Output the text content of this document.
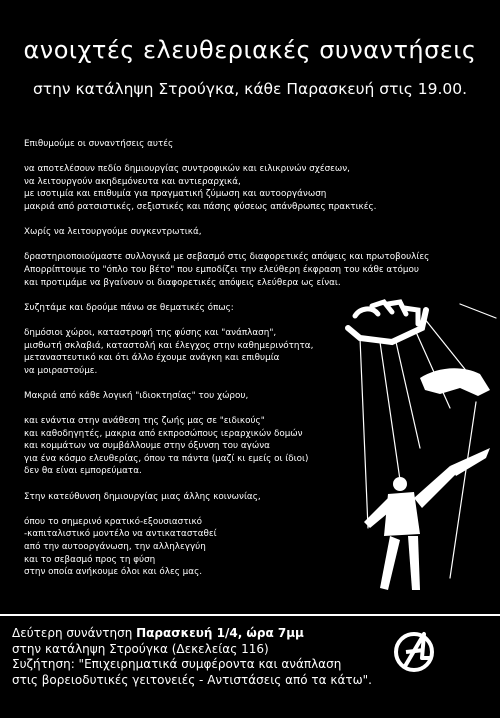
ανοιχτές ελευθεριακές συναντήσεις
στην κατάληψη Στρούγκα, κάθε Παρασκευή στις 19.00.

Επιθυμούμε οι συναντήσεις αυτές

να αποτελέσουν πεδίο δημιουργίας συντροφικών και ειλικρινών σχέσεων,
να λειτουργούν ακηδεμόνευτα και αντιεραρχικά,
με ισοτιμία και επιθυμία για πραγματική ζύμωση και αυτοοργάνωση
μακριά από ρατσιστικές, σεξιστικές και πάσης φύσεως απάνθρωπες πρακτικές.

Χωρίς να λειτουργούμε συγκεντρωτικά,

δραστηριοποιούμαστε συλλογικά με σεβασμό στις διαφορετικές απόψεις και πρωτοβουλίες
Απορρίπτουμε το "όπλο του βέτο" που εμποδίζει την ελεύθερη έκφραση του κάθε ατόμου
και προτιμάμε να βγαίνουν οι διαφορετικές απόψεις ελεύθερα ως είναι.

Συζητάμε και δρούμε πάνω σε θεματικές όπως:

δημόσιοι χώροι, καταστροφή της φύσης και "ανάπλαση",
μισθωτή σκλαβιά, καταστολή και έλεγχος στην καθημερινότητα,
μεταναστευτικό και ότι άλλο έχουμε ανάγκη και επιθυμία
να μοιραστούμε.

Μακριά από κάθε λογική "ιδιοκτησίας" του χώρου,

και ενάντια στην ανάθεση της ζωής μας σε "ειδικούς"
και καθοδηγητές, μακρια από εκπροσώπους ιεραρχικών δομών
και κομμάτων να συμβάλλουμε στην όξυνση του αγώνα
για ένα κόσμο ελευθερίας, όπου τα πάντα (μαζί κι εμείς οι ίδιοι)
δεν θα είναι εμπορεύματα.

Στην κατεύθυνση δημιουργίας μιας άλλης κοινωνίας,

όπου το σημερινό κρατικό-εξουσιαστικό
-καπιταλιστικό μοντέλο να αντικατασταθεί
από την αυτοοργάνωση, την αλληλεγγύη
και το σεβασμό προς τη φύση
στην οποία ανήκουμε όλοι και όλες μας.

Δεύτερη συνάντηση Παρασκευή 1/4, ώρα 7μμ
στην κατάληψη Στρούγκα (Δεκελείας 116)
Συζήτηση: "Επιχειρηματικά συμφέροντα και ανάπλαση
στις βορειοδυτικές γειτονειές - Αντιστάσεις από τα κάτω".
